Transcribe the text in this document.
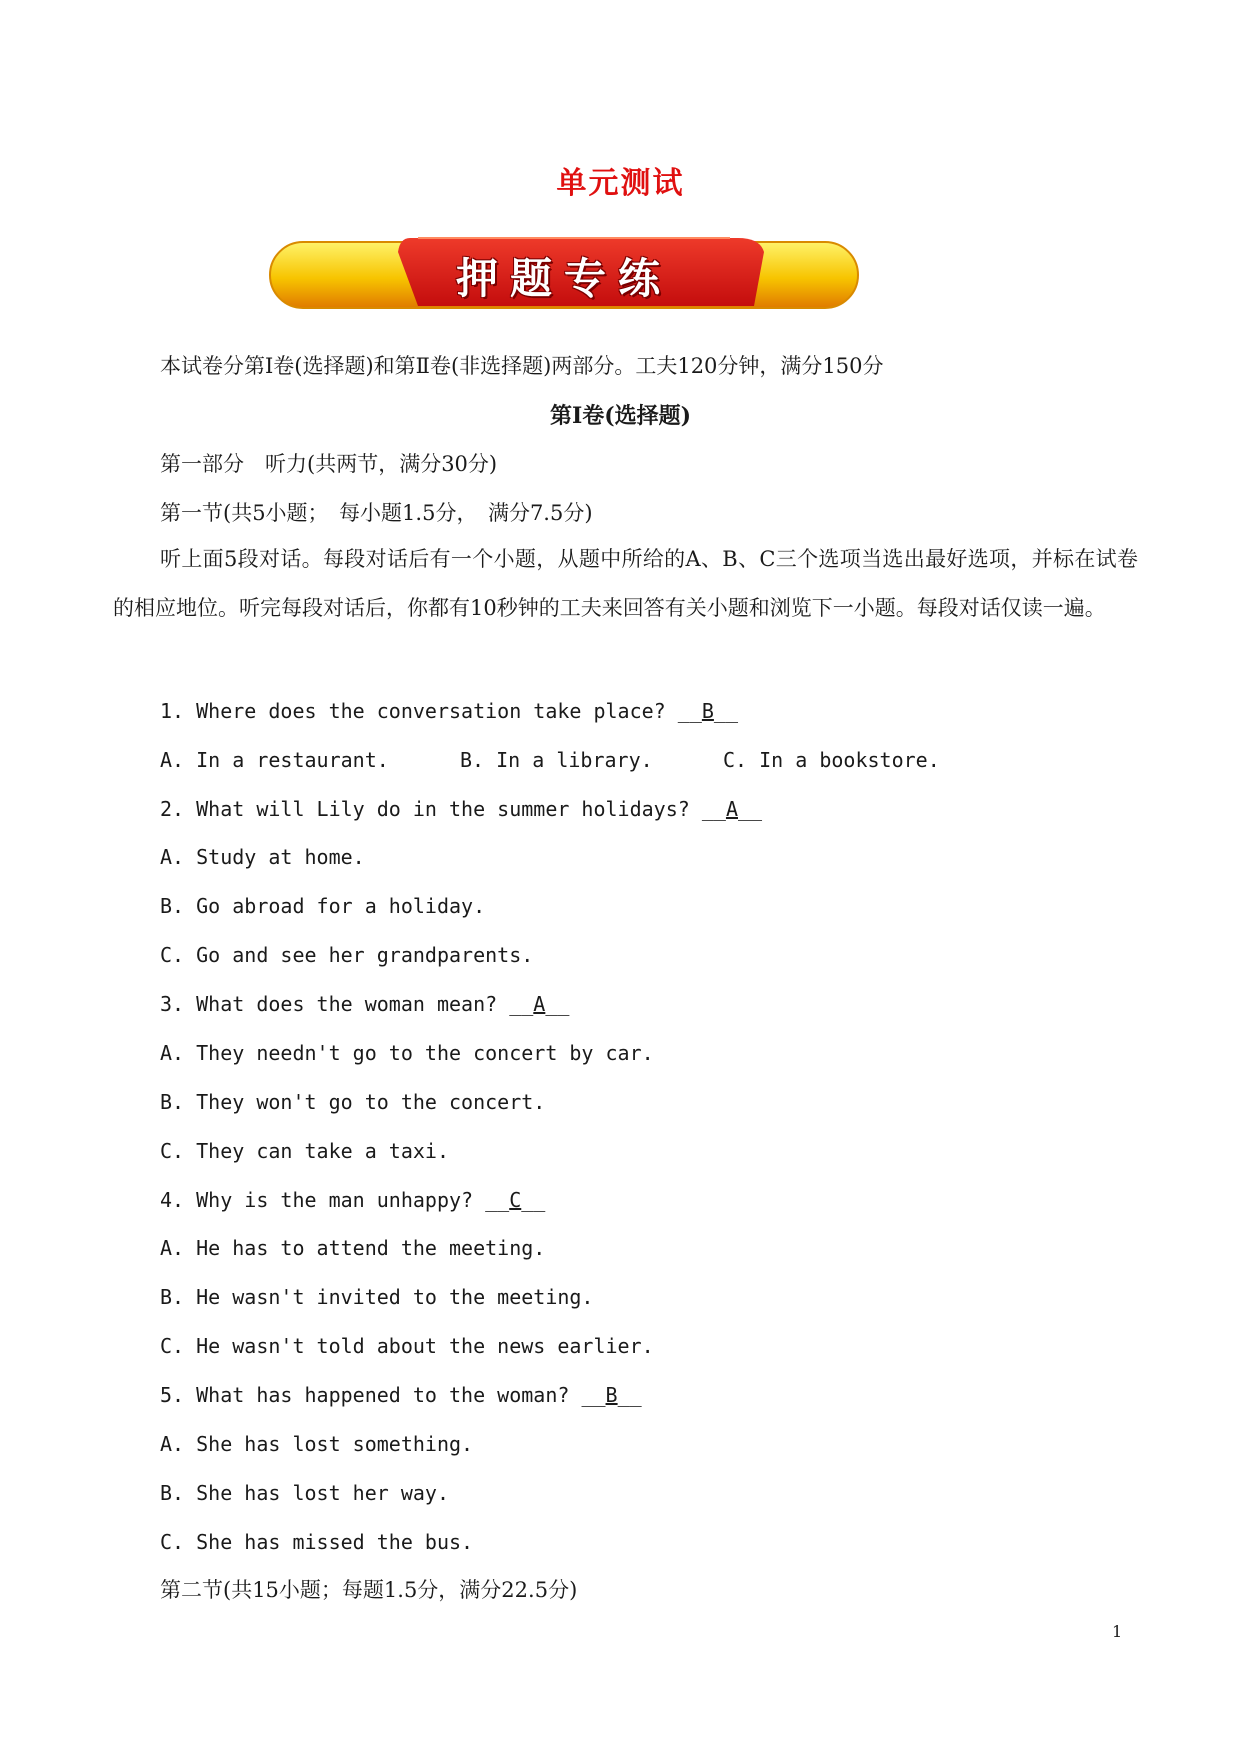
单元测试
押题专练
本试卷分第Ⅰ卷(选择题)和第Ⅱ卷(非选择题)两部分。工夫120分钟，满分150分
第Ⅰ卷(选择题)
第一部分　听力(共两节，满分30分)
第一节(共5小题；　每小题1.5分，　满分7.5分)
听上面5段对话。每段对话后有一个小题，从题中所给的A、B、C三个选项当选出最好选项，并标在试卷的相应地位。听完每段对话后，你都有10秒钟的工夫来回答有关小题和浏览下一小题。每段对话仅读一遍。
1. Where does the conversation take place? __B__
A. In a restaurant.	B. In a library.	C. In a bookstore.
2. What will Lily do in the summer holidays? __A__
A. Study at home.
B. Go abroad for a holiday.
C. Go and see her grandparents.
3. What does the woman mean? __A__
A. They needn't go to the concert by car.
B. They won't go to the concert.
C. They can take a taxi.
4. Why is the man unhappy? __C__
A. He has to attend the meeting.
B. He wasn't invited to the meeting.
C. He wasn't told about the news earlier.
5. What has happened to the woman? __B__
A. She has lost something.
B. She has lost her way.
C. She has missed the bus.
第二节(共15小题；每题1.5分，满分22.5分)
1
